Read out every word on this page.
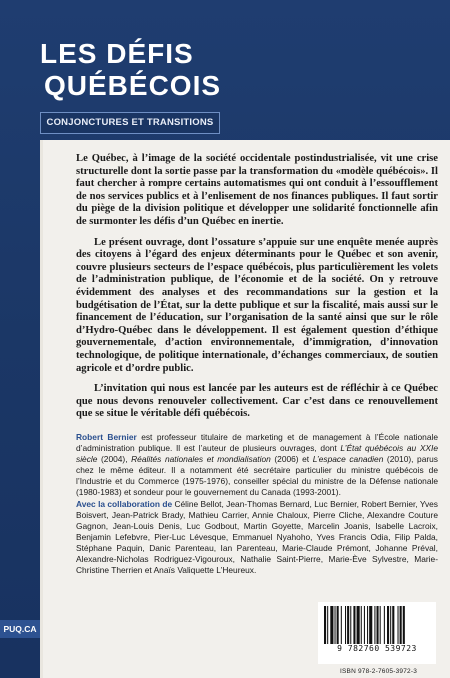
LES DÉFIS
QUÉBÉCOIS
CONJONCTURES ET TRANSITIONS

Le Québec, à l’image de la société occidentale postindustrialisée, vit une crise structurelle dont la sortie passe par la transformation du «modèle québécois». Il faut chercher à rompre certains automatismes qui ont conduit à l’essoufflement de nos services publics et à l’enlisement de nos finances publiques. Il faut sortir du piège de la division politique et développer une solidarité fonctionnelle afin de surmonter les défis d’un Québec en inertie.

Le présent ouvrage, dont l’ossature s’appuie sur une enquête menée auprès des citoyens à l’égard des enjeux déterminants pour le Québec et son avenir, couvre plusieurs secteurs de l’espace québécois, plus particulièrement les volets de l’administration publique, de l’économie et de la société. On y retrouve évidemment des analyses et des recommandations sur la gestion et la budgétisation de l’État, sur la dette publique et sur la fiscalité, mais aussi sur le financement de l’éducation, sur l’organisation de la santé ainsi que sur le rôle d’Hydro-Québec dans le développement. Il est également question d’éthique gouvernementale, d’action environnementale, d’immigration, d’innovation technologique, de politique internationale, d’échanges commerciaux, de soutien agricole et d’ordre public.

L’invitation qui nous est lancée par les auteurs est de réfléchir à ce Québec que nous devons renouveler collectivement. Car c’est dans ce renouvellement que se situe le véritable défi québécois.

Robert Bernier est professeur titulaire de marketing et de management à l’École nationale d’administration publique. Il est l’auteur de plusieurs ouvrages, dont L’État québécois au XXIe siècle (2004), Réalités nationales et mondialisation (2006) et L’espace canadien (2010), parus chez le même éditeur. Il a notamment été secrétaire particulier du ministre québécois de l’Industrie et du Commerce (1975-1976), conseiller spécial du ministre de la Défense nationale (1980-1983) et sondeur pour le gouvernement du Canada (1993-2001).
Avec la collaboration de Céline Bellot, Jean-Thomas Bernard, Luc Bernier, Robert Bernier, Yves Boisvert, Jean-Patrick Brady, Mathieu Carrier, Annie Chaloux, Pierre Cliche, Alexandre Couture Gagnon, Jean-Louis Denis, Luc Godbout, Martin Goyette, Marcelin Joanis, Isabelle Lacroix, Benjamin Lefebvre, Pier-Luc Lévesque, Emmanuel Nyahoho, Yves Francis Odia, Filip Palda, Stéphane Paquin, Danic Parenteau, Ian Parenteau, Marie-Claude Prémont, Johanne Préval, Alexandre-Nicholas Rodriguez-Vigouroux, Nathalie Saint-Pierre, Marie-Ève Sylvestre, Marie-Christine Therrien et Anaïs Valiquette L’Heureux.
PUQ.CA
9 782760 539723
ISBN 978-2-7605-3972-3
